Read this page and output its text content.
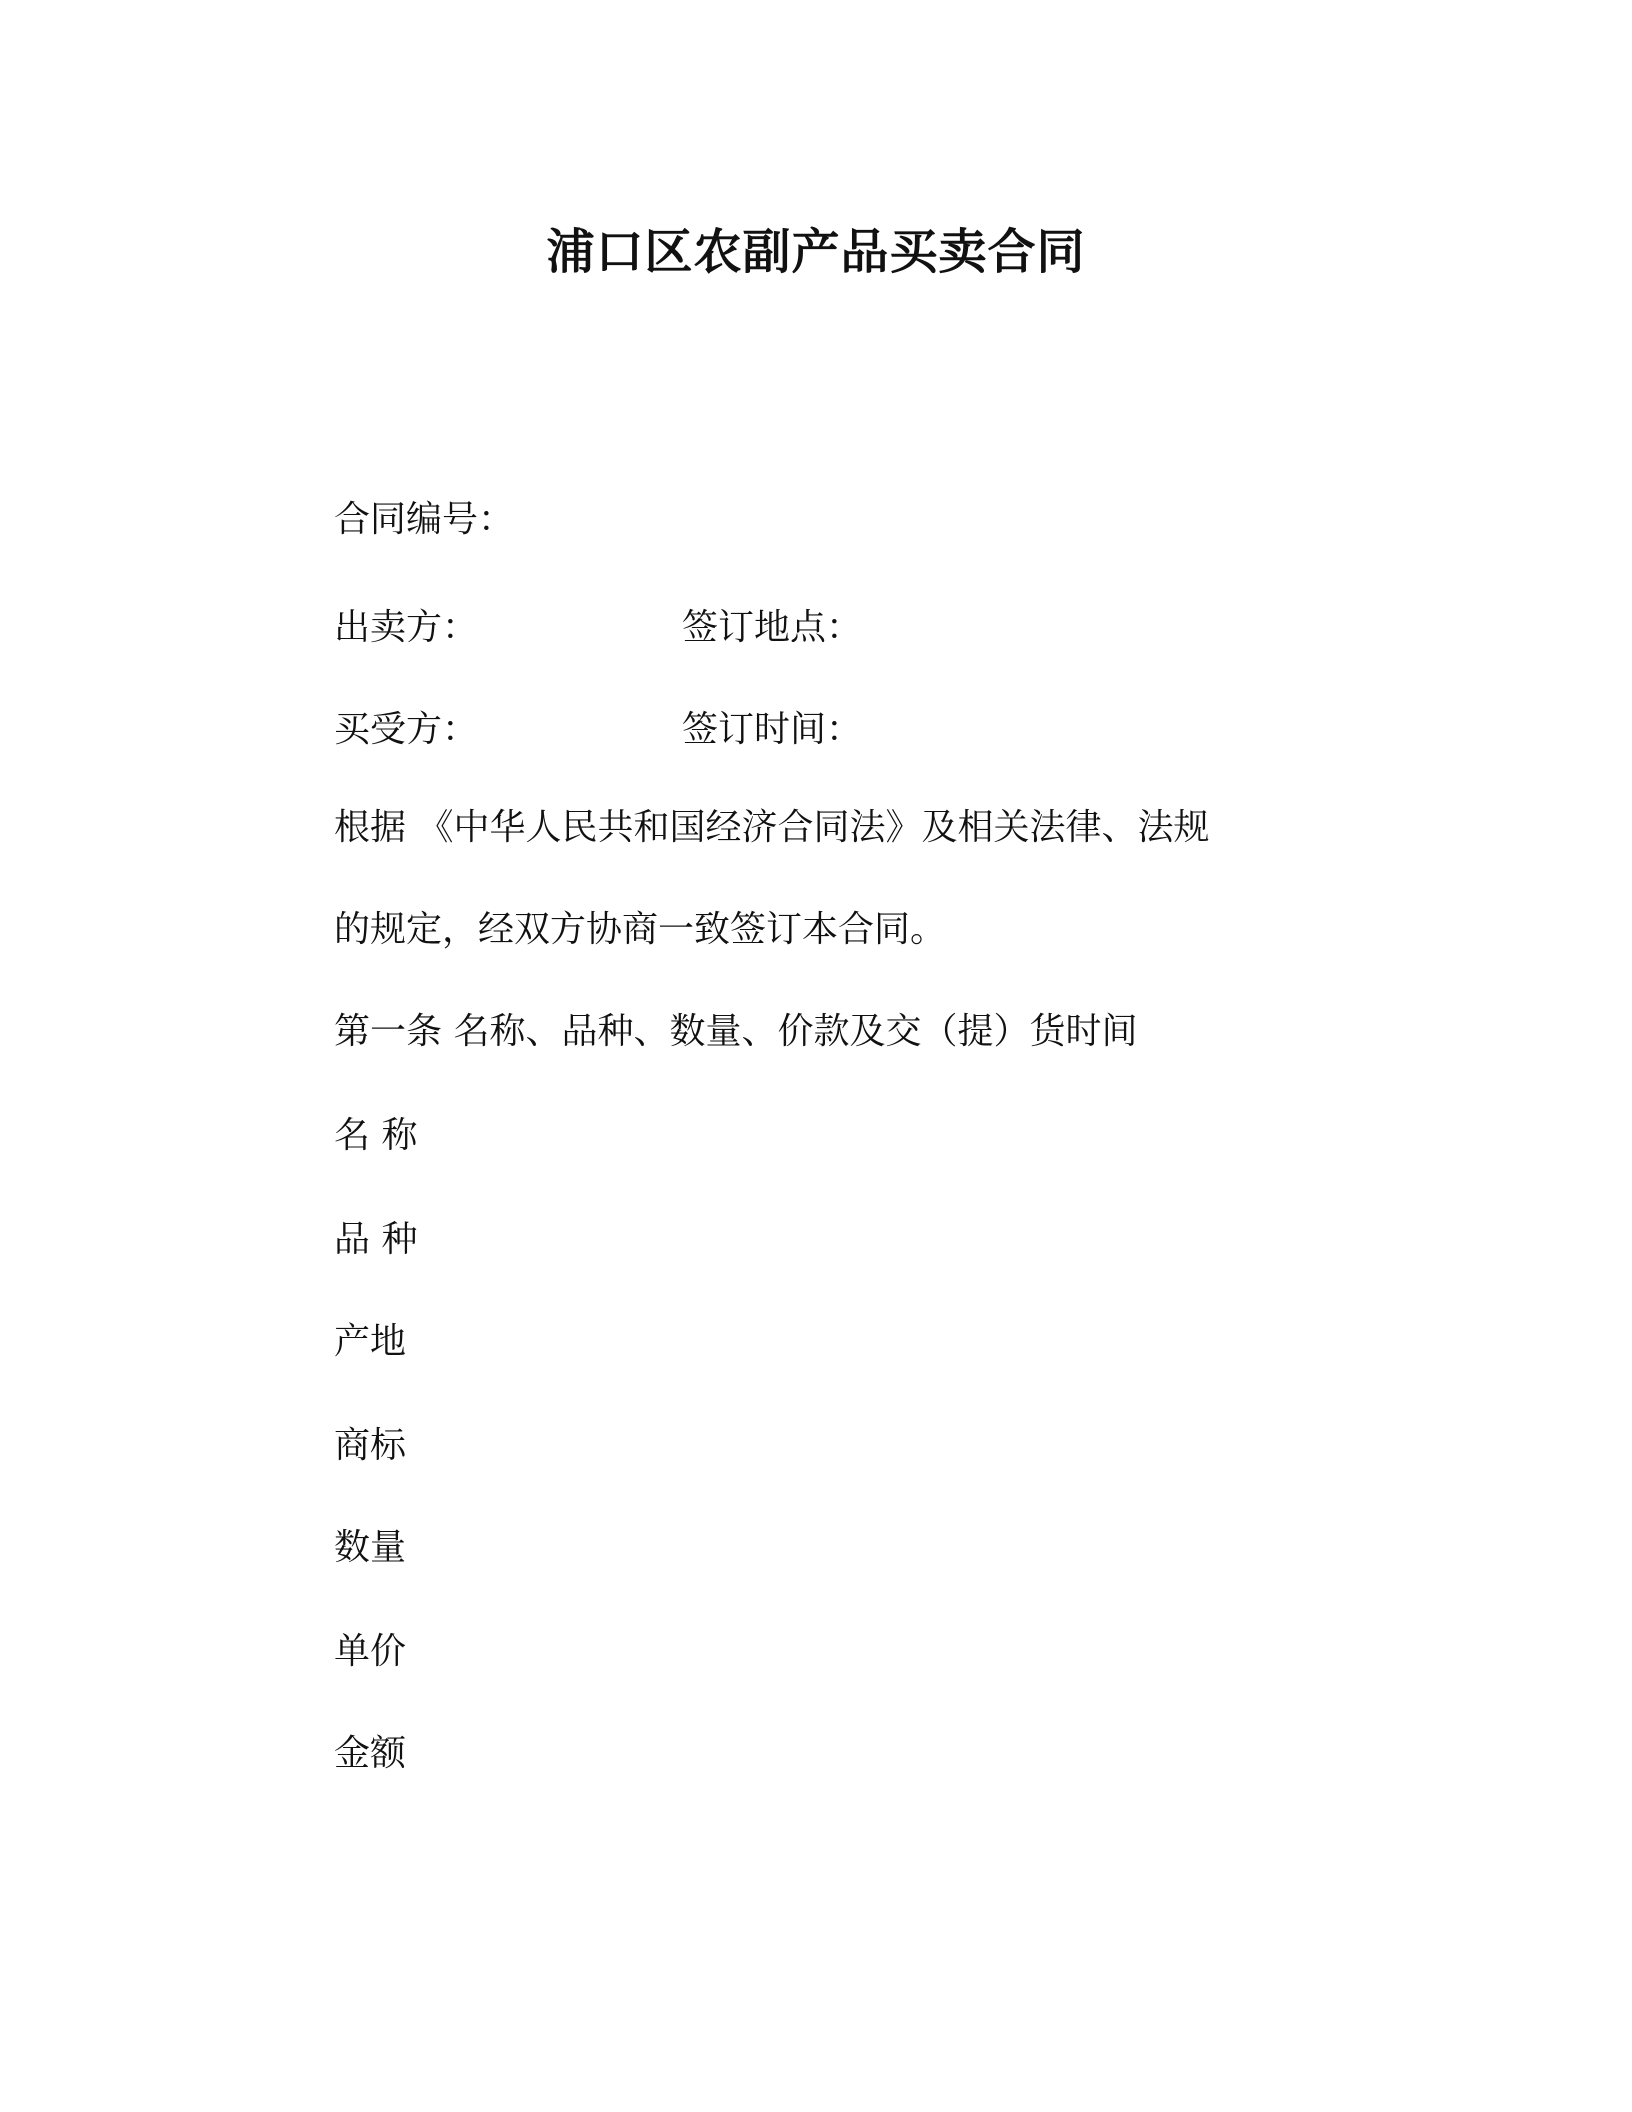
浦口区农副产品买卖合同
合同编号：
出卖方：	签订地点：
买受方：	签订时间：
根据 《中华人民共和国经济合同法》及相关法律、法规
的规定，经双方协商一致签订本合同。
第一条 名称、品种、数量、价款及交（提）货时间
名 称
品 种
产地
商标
数量
单价
金额
